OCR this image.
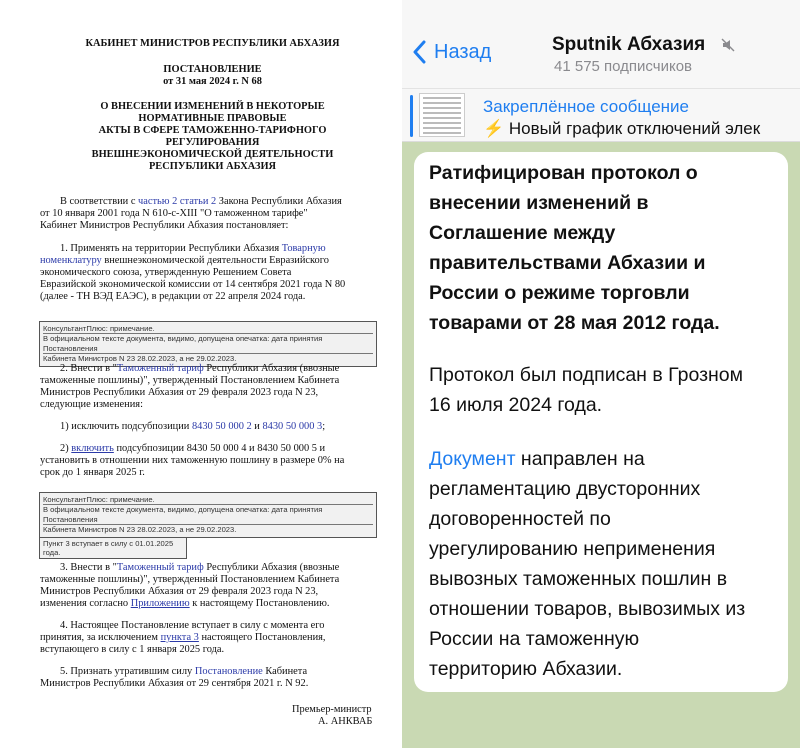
КАБИНЕТ МИНИСТРОВ РЕСПУБЛИКИ АБХАЗИЯ
ПОСТАНОВЛЕНИЕ
от 31 мая 2024 г. N 68
О ВНЕСЕНИИ ИЗМЕНЕНИЙ В НЕКОТОРЫЕ
НОРМАТИВНЫЕ ПРАВОВЫЕ
АКТЫ В СФЕРЕ ТАМОЖЕННО-ТАРИФНОГО
РЕГУЛИРОВАНИЯ
ВНЕШНЕЭКОНОМИЧЕСКОЙ ДЕЯТЕЛЬНОСТИ
РЕСПУБЛИКИ АБХАЗИЯ
В соответствии с частью 2 статьи 2 Закона Республики Абхазия
от 10 января 2001 года N 610-с-XIII "О таможенном тарифе"
Кабинет Министров Республики Абхазия постановляет:
1. Применять на территории Республики Абхазия Товарную
номенклатуру внешнеэкономической деятельности Евразийского
экономического союза, утвержденную Решением Совета
Евразийской экономической комиссии от 14 сентября 2021 года N 80
(далее - ТН ВЭД ЕАЭС), в редакции от 22 апреля 2024 года.
КонсультантПлюс: примечание.
В официальном тексте документа, видимо, допущена опечатка: дата принятия Постановления
Кабинета Министров N 23 28.02.2023, а не 29.02.2023.
2. Внести в "Таможенный тариф Республики Абхазия (ввозные
таможенные пошлины)", утвержденный Постановлением Кабинета
Министров Республики Абхазия от 29 февраля 2023 года N 23,
следующие изменения:
1) исключить подсубпозиции 8430 50 000 2 и 8430 50 000 3;
2) включить подсубпозиции 8430 50 000 4 и 8430 50 000 5 и
установить в отношении них таможенную пошлину в размере 0% на
срок до 1 января 2025 г.
КонсультантПлюс: примечание.
В официальном тексте документа, видимо, допущена опечатка: дата принятия Постановления
Кабинета Министров N 23 28.02.2023, а не 29.02.2023.
Пункт 3 вступает в силу с 01.01.2025 года.
3. Внести в "Таможенный тариф Республики Абхазия (ввозные
таможенные пошлины)", утвержденный Постановлением Кабинета
Министров Республики Абхазия от 29 февраля 2023 года N 23,
изменения согласно Приложению к настоящему Постановлению.
4. Настоящее Постановление вступает в силу с момента его
принятия, за исключением пункта 3 настоящего Постановления,
вступающего в силу с 1 января 2025 года.
5. Признать утратившим силу Постановление Кабинета
Министров Республики Абхазия от 29 сентября 2021 г. N 92.
Премьер-министр
А. АНКВАБ
Назад	Sputnik Абхазия
41 575 подписчиков
Закреплённое сообщение
⚡ Новый график отключений элек
Ратифицирован протокол о
внесении изменений в
Соглашение между
правительствами Абхазии и
России о режиме торговли
товарами от 28 мая 2012 года.
Протокол был подписан в Грозном
16 июля 2024 года.
Документ направлен на
регламентацию двусторонних
договоренностей по
урегулированию неприменения
вывозных таможенных пошлин в
отношении товаров, вывозимых из
России на таможенную
территорию Абхазии.
